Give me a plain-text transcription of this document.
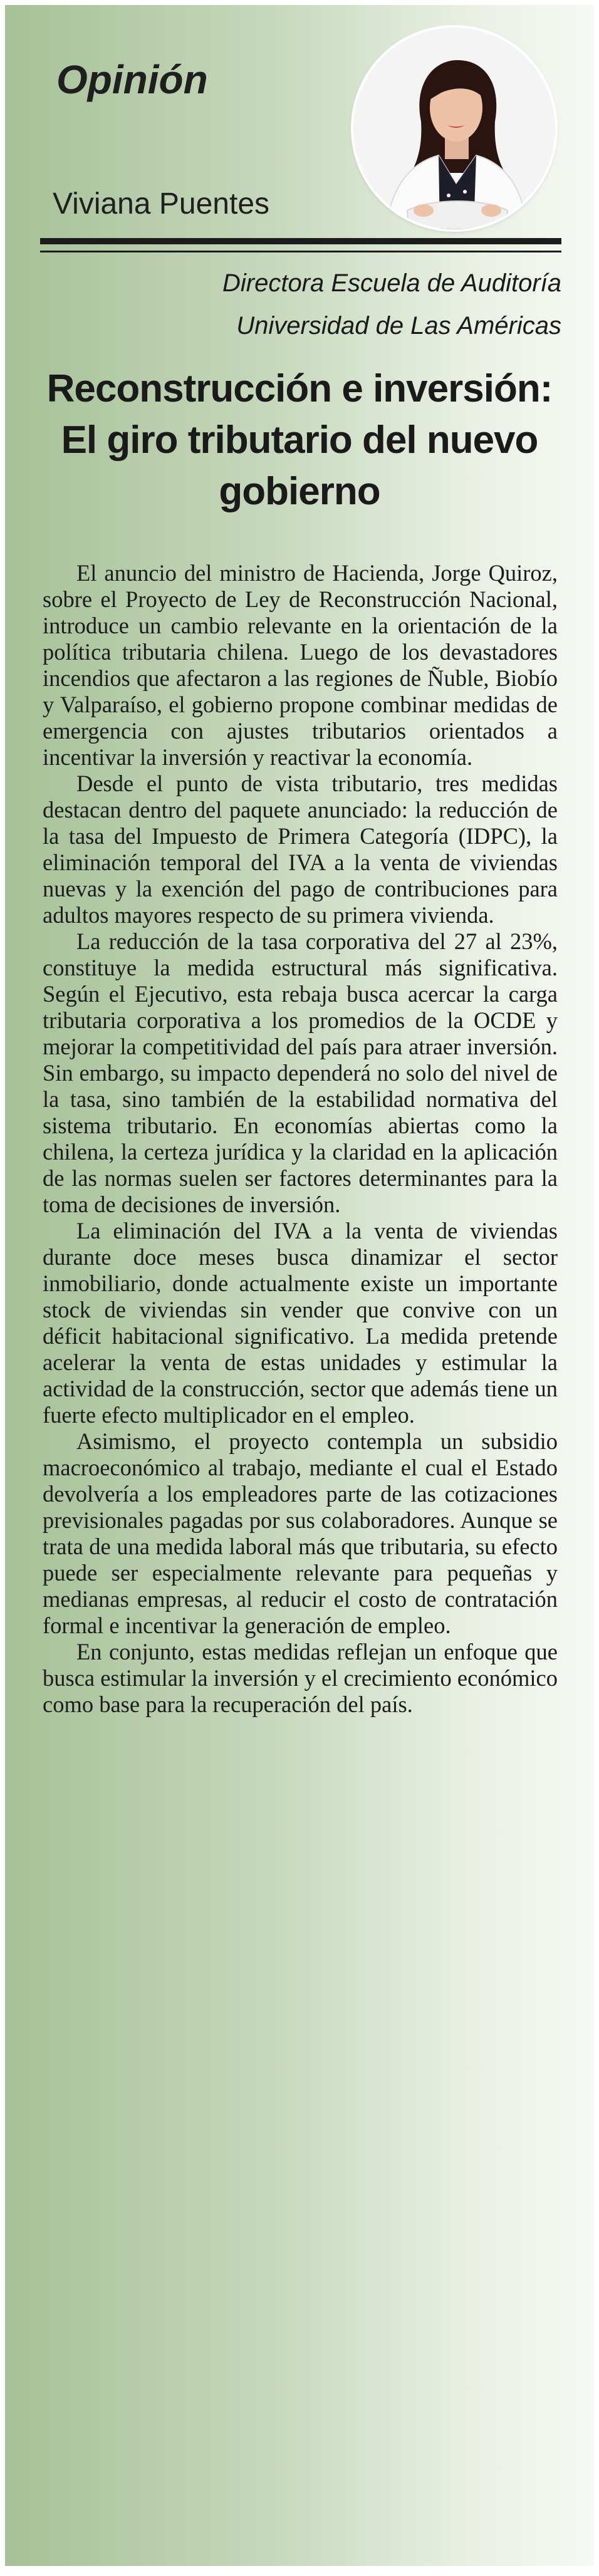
Opinión
Viviana Puentes
Directora Escuela de Auditoría
Universidad de Las Américas
Reconstrucción e inversión:
El giro tributario del nuevo
gobierno

El anuncio del ministro de Hacienda, Jorge Quiroz, sobre el Proyecto de Ley de Reconstrucción Nacional, introduce un cambio relevante en la orientación de la política tributaria chilena. Luego de los devastadores incendios que afectaron a las regiones de Ñuble, Biobío y Valparaíso, el gobierno propone combinar medidas de emergencia con ajustes tributarios orientados a incentivar la inversión y reactivar la economía.

Desde el punto de vista tributario, tres medidas destacan dentro del paquete anunciado: la reducción de la tasa del Impuesto de Primera Categoría (IDPC), la eliminación temporal del IVA a la venta de viviendas nuevas y la exención del pago de contribuciones para adultos mayores respecto de su primera vivienda.

La reducción de la tasa corporativa del 27 al 23%, constituye la medida estructural más significativa. Según el Ejecutivo, esta rebaja busca acercar la carga tributaria corporativa a los promedios de la OCDE y mejorar la competitividad del país para atraer inversión. Sin embargo, su impacto dependerá no solo del nivel de la tasa, sino también de la estabilidad normativa del sistema tributario. En economías abiertas como la chilena, la certeza jurídica y la claridad en la aplicación de las normas suelen ser factores determinantes para la toma de decisiones de inversión.

La eliminación del IVA a la venta de viviendas durante doce meses busca dinamizar el sector inmobiliario, donde actualmente existe un importante stock de viviendas sin vender que convive con un déficit habitacional significativo. La medida pretende acelerar la venta de estas unidades y estimular la actividad de la construcción, sector que además tiene un fuerte efecto multiplicador en el empleo.

Asimismo, el proyecto contempla un subsidio macroeconómico al trabajo, mediante el cual el Estado devolvería a los empleadores parte de las cotizaciones previsionales pagadas por sus colaboradores. Aunque se trata de una medida laboral más que tributaria, su efecto puede ser especialmente relevante para pequeñas y medianas empresas, al reducir el costo de contratación formal e incentivar la generación de empleo.

En conjunto, estas medidas reflejan un enfoque que busca estimular la inversión y el crecimiento económico como base para la recuperación del país.
